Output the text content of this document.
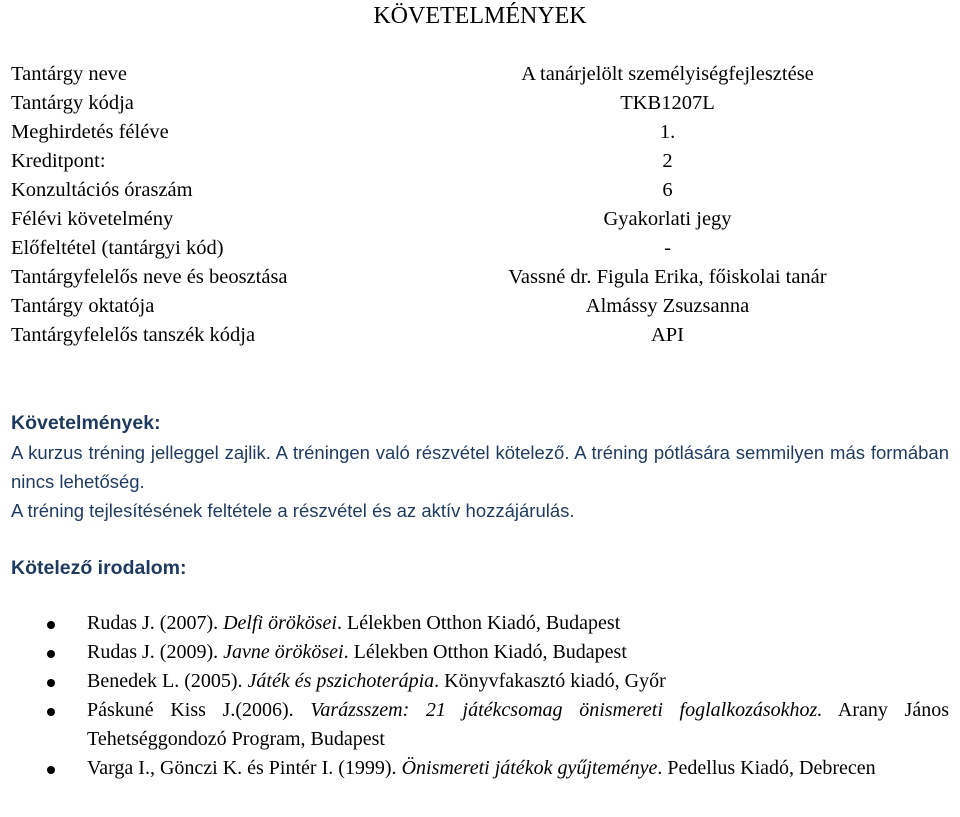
KÖVETELMÉNYEK
Tantárgy neve	A tanárjelölt személyiségfejlesztése
Tantárgy kódja	TKB1207L
Meghirdetés féléve	1.
Kreditpont:	2
Konzultációs óraszám	6
Félévi követelmény	Gyakorlati jegy
Előfeltétel (tantárgyi kód)	-
Tantárgyfelelős neve és beosztása	Vassné dr. Figula Erika, főiskolai tanár
Tantárgy oktatója	Almássy Zsuzsanna
Tantárgyfelelős tanszék kódja	API
Követelmények:

A kurzus tréning jelleggel zajlik. A tréningen való részvétel kötelező. A tréning pótlására semmilyen más formában nincs lehetőség.

A tréning tejlesítésének feltétele a részvétel és az aktív hozzájárulás.

Kötelező irodalom:
Rudas J. (2007). Delfi örökösei. Lélekben Otthon Kiadó, Budapest
Rudas J. (2009). Javne örökösei. Lélekben Otthon Kiadó, Budapest
Benedek L. (2005). Játék és pszichoterápia. Könyvfakasztó kiadó, Győr
Páskuné Kiss J.(2006). Varázsszem: 21 játékcsomag önismereti foglalkozásokhoz. Arany János Tehetséggondozó Program, Budapest
Varga I., Gönczi K. és Pintér I. (1999). Önismereti játékok gyűjteménye. Pedellus Kiadó, Debrecen
